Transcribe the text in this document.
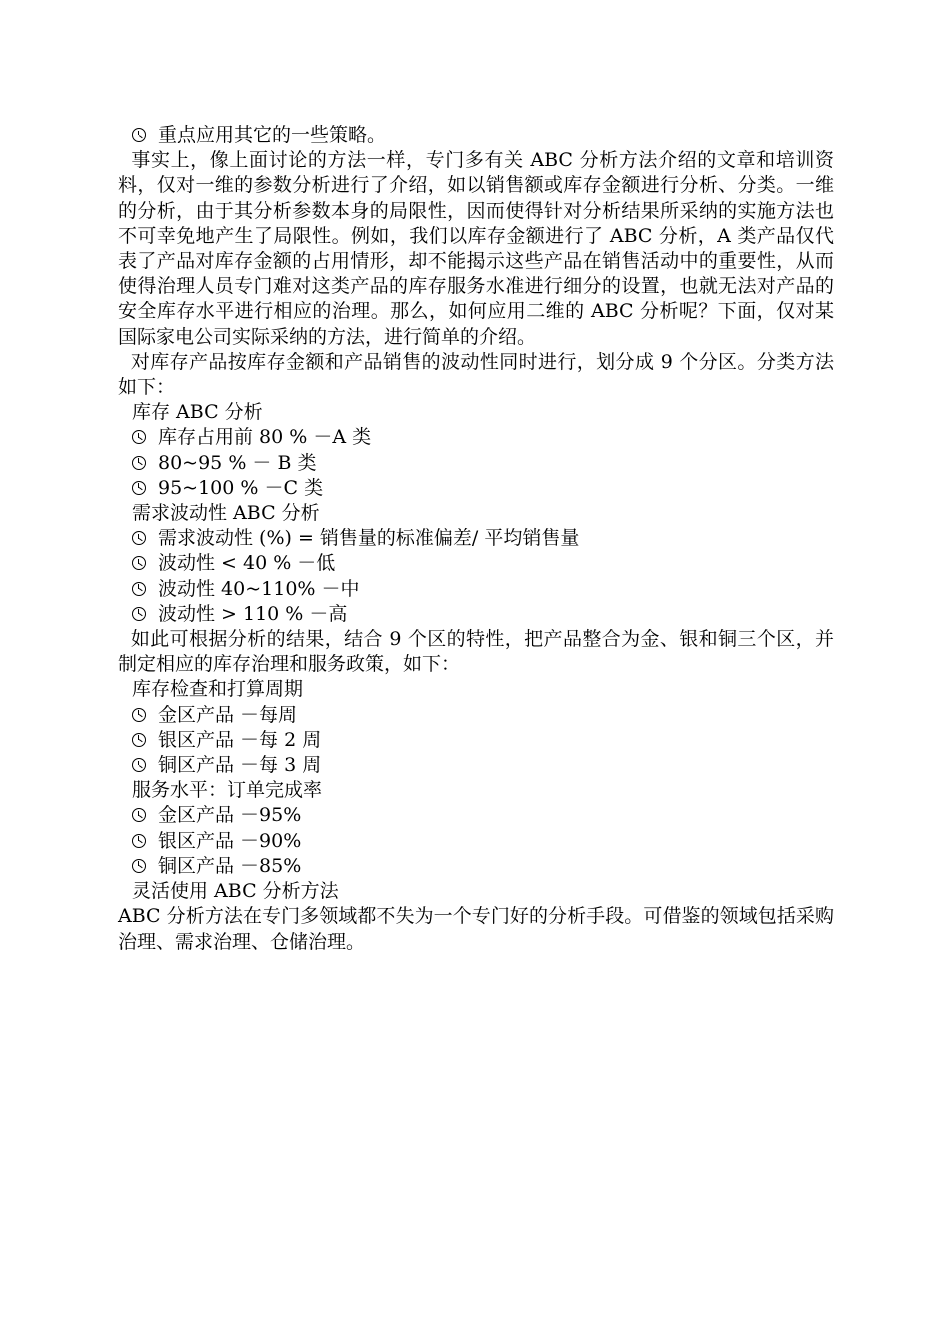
重点应用其它的一些策略。

事实上，像上面讨论的方法一样，专门多有关 ABC 分析方法介绍的文章和培训资料，仅对一维的参数分析进行了介绍，如以销售额或库存金额进行分析、分类。一维的分析，由于其分析参数本身的局限性，因而使得针对分析结果所采纳的实施方法也不可幸免地产生了局限性。例如，我们以库存金额进行了 ABC 分析，A 类产品仅代表了产品对库存金额的占用情形，却不能揭示这些产品在销售活动中的重要性，从而使得治理人员专门难对这类产品的库存服务水准进行细分的设置，也就无法对产品的安全库存水平进行相应的治理。那么，如何应用二维的 ABC 分析呢？下面，仅对某国际家电公司实际采纳的方法，进行简单的介绍。

对库存产品按库存金额和产品销售的波动性同时进行，划分成 9 个分区。分类方法如下：

库存 ABC 分析

库存占用前 80 % －A 类

80~95 % － B 类

95~100 % －C 类

需求波动性 ABC 分析

需求波动性 (%) = 销售量的标准偏差/ 平均销售量

波动性 < 40 % －低

波动性 40~110% －中

波动性 > 110 % －高

如此可根据分析的结果，结合 9 个区的特性，把产品整合为金、银和铜三个区，并制定相应的库存治理和服务政策，如下：

库存检查和打算周期

金区产品 －每周

银区产品 －每 2 周

铜区产品 －每 3 周

服务水平：订单完成率

金区产品 －95%

银区产品 －90%

铜区产品 －85%

灵活使用 ABC 分析方法

ABC 分析方法在专门多领域都不失为一个专门好的分析手段。可借鉴的领域包括采购治理、需求治理、仓储治理。
